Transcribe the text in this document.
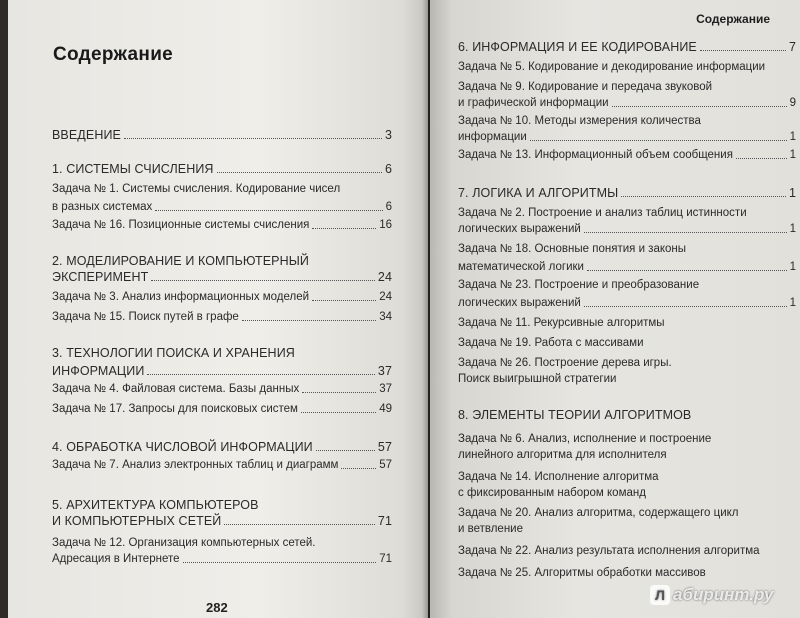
Содержание
ВВЕДЕНИЕ	3
1. СИСТЕМЫ СЧИСЛЕНИЯ	6
Задача № 1. Системы счисления. Кодирование чисел
в разных системах	6
Задача № 16. Позиционные системы счисления	16
2. МОДЕЛИРОВАНИЕ И КОМПЬЮТЕРНЫЙ
ЭКСПЕРИМЕНТ	24
Задача № 3. Анализ информационных моделей	24
Задача № 15. Поиск путей в графе	34
3. ТЕХНОЛОГИИ ПОИСКА И ХРАНЕНИЯ
ИНФОРМАЦИИ	37
Задача № 4. Файловая система. Базы данных	37
Задача № 17. Запросы для поисковых систем	49
4. ОБРАБОТКА ЧИСЛОВОЙ ИНФОРМАЦИИ	57
Задача № 7. Анализ электронных таблиц и диаграмм	57
5. АРХИТЕКТУРА КОМПЬЮТЕРОВ
И КОМПЬЮТЕРНЫХ СЕТЕЙ	71
Задача № 12. Организация компьютерных сетей.
Адресация в Интернете	71
282
Содержание
6. ИНФОРМАЦИЯ И ЕЕ КОДИРОВАНИЕ	7
Задача № 5. Кодирование и декодирование информации
Задача № 9. Кодирование и передача звуковой
и графической информации	9
Задача № 10. Методы измерения количества
информации	1
Задача № 13. Информационный объем сообщения	1
7. ЛОГИКА И АЛГОРИТМЫ	1
Задача № 2. Построение и анализ таблиц истинности
логических выражений	1
Задача № 18. Основные понятия и законы
математической логики	1
Задача № 23. Построение и преобразование
логических выражений	1
Задача № 11. Рекурсивные алгоритмы
Задача № 19. Работа с массивами
Задача № 26. Построение дерева игры.
Поиск выигрышной стратегии
8. ЭЛЕМЕНТЫ ТЕОРИИ АЛГОРИТМОВ
Задача № 6. Анализ, исполнение и построение
линейного алгоритма для исполнителя
Задача № 14. Исполнение алгоритма
с фиксированным набором команд
Задача № 20. Анализ алгоритма, содержащего цикл
и ветвление
Задача № 22. Анализ результата исполнения алгоритма
Задача № 25. Алгоритмы обработки массивов
Л абиринт.ру
